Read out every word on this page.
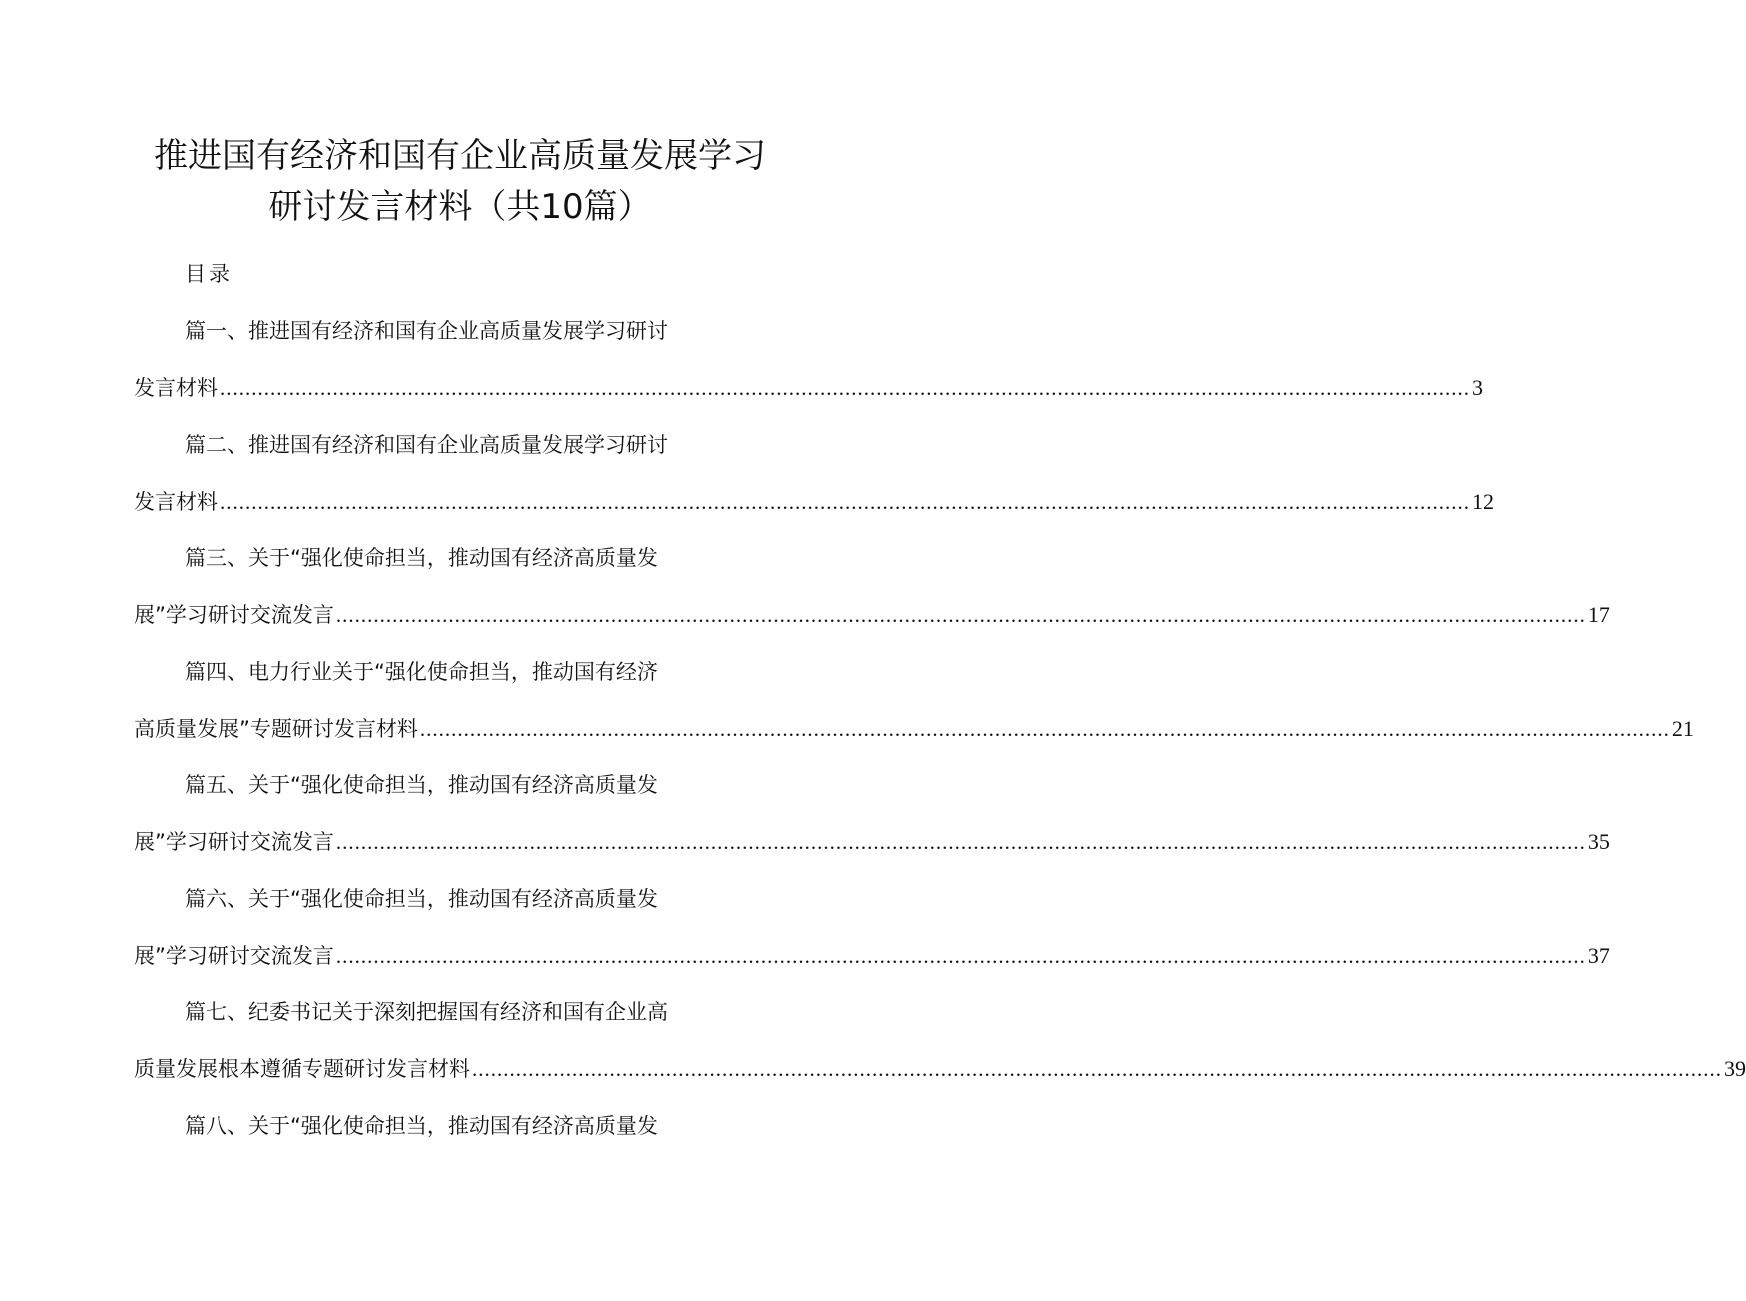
推进国有经济和国有企业高质量发展学习
研讨发言材料（共10篇）
目录
篇一、推进国有经济和国有企业高质量发展学习研讨
发言材料 ........................................................................................................................................................................................................ 3
篇二、推进国有经济和国有企业高质量发展学习研讨
发言材料 ........................................................................................................................................................................................................ 12
篇三、关于“强化使命担当，推动国有经济高质量发
展”学习研讨交流发言 ........................................................................................................................................................................................................ 17
篇四、电力行业关于“强化使命担当，推动国有经济
高质量发展”专题研讨发言材料 ........................................................................................................................................................................................................ 21
篇五、关于“强化使命担当，推动国有经济高质量发
展”学习研讨交流发言 ........................................................................................................................................................................................................ 35
篇六、关于“强化使命担当，推动国有经济高质量发
展”学习研讨交流发言 ........................................................................................................................................................................................................ 37
篇七、纪委书记关于深刻把握国有经济和国有企业高
质量发展根本遵循专题研讨发言材料 ........................................................................................................................................................................................................ 39
篇八、关于“强化使命担当，推动国有经济高质量发
